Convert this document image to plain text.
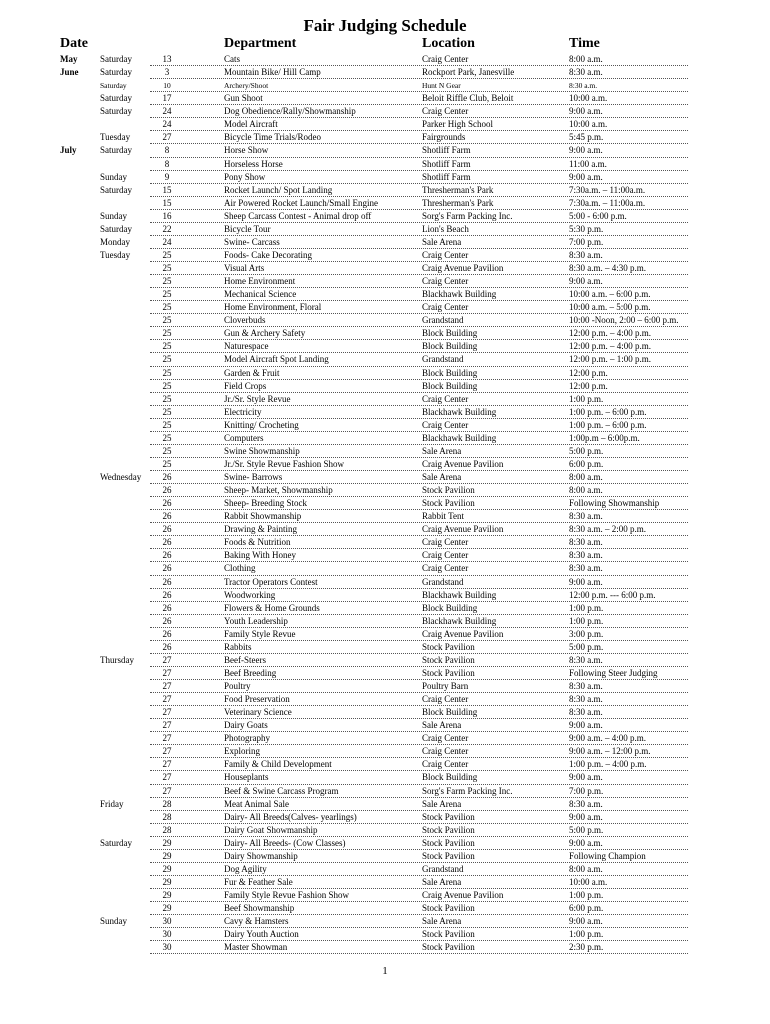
Fair Judging Schedule
Date	Department	Location	Time
May	Saturday	13	Cats	Craig Center	8:00 a.m.
June Saturday	3	Mountain Bike/ Hill Camp	Rockport Park, Janesville	8:30 a.m.
Saturday	10	Archery/Shoot	Hunt N Gear	8:30 a.m.
Saturday	17	Gun Shoot	Beloit Riffle Club, Beloit	10:00 a.m.
Saturday	24	Dog Obedience/Rally/Showmanship	Craig Center	9:00 a.m.
24	Model Aircraft	Parker High School	10:00 a.m.
Tuesday	27	Bicycle Time Trials/Rodeo	Fairgrounds	5:45 p.m.
July	Saturday	8	Horse Show	Shotliff Farm	9:00 a.m.
8	Horseless Horse	Shotliff Farm	11:00 a.m.
Sunday	9	Pony Show	Shotliff Farm	9:00 a.m.
Saturday	15	Rocket Launch/ Spot Landing	Thresherman's Park	7:30a.m. – 11:00a.m.
15	Air Powered Rocket Launch/Small Engine	Thresherman's Park	7:30a.m. – 11:00a.m.
Sunday	16	Sheep Carcass Contest - Animal drop off	Sorg's Farm Packing Inc.	5:00 - 6:00 p.m.
Saturday	22	Bicycle Tour	Lion's Beach	5:30 p.m.
Monday	24	Swine- Carcass	Sale Arena	7:00 p.m.
Tuesday	25	Foods- Cake Decorating	Craig Center	8:30 a.m.
25	Visual Arts	Craig Avenue Pavilion	8:30 a.m. – 4:30 p.m.
25	Home Environment	Craig Center	9:00 a.m.
25	Mechanical Science	Blackhawk Building	10:00 a.m. – 6:00 p.m.
25	Home Environment, Floral	Craig Center	10:00 a.m. – 5:00 p.m.
25	Cloverbuds	Grandstand	10:00 -Noon, 2:00 – 6:00 p.m.
25	Gun & Archery Safety	Block Building	12:00 p.m. – 4:00 p.m.
25	Naturespace	Block Building	12:00 p.m. – 4:00 p.m.
25	Model Aircraft Spot Landing	Grandstand	12:00 p.m. – 1:00 p.m.
25	Garden & Fruit	Block Building	12:00 p.m.
25	Field Crops	Block Building	12:00 p.m.
25	Jr./Sr. Style Revue	Craig Center	1:00 p.m.
25	Electricity	Blackhawk Building	1:00 p.m. – 6:00 p.m.
25	Knitting/ Crocheting	Craig Center	1:00 p.m. – 6:00 p.m.
25	Computers	Blackhawk Building	1:00p.m – 6:00p.m.
25	Swine Showmanship	Sale Arena	5:00 p.m.
25	Jr./Sr. Style Revue Fashion Show	Craig Avenue Pavilion	6:00 p.m.
Wednesday	26	Swine- Barrows	Sale Arena	8:00 a.m.
26	Sheep- Market, Showmanship	Stock Pavilion	8:00 a.m.
26	Sheep- Breeding Stock	Stock Pavilion	Following Showmanship
26	Rabbit Showmanship	Rabbit Tent	8:30 a.m.
26	Drawing & Painting	Craig Avenue Pavilion	8:30 a.m. – 2:00 p.m.
26	Foods & Nutrition	Craig Center	8:30 a.m.
26	Baking With Honey	Craig Center	8:30 a.m.
26	Clothing	Craig Center	8:30 a.m.
26	Tractor Operators Contest	Grandstand	9:00 a.m.
26	Woodworking	Blackhawk Building	12:00 p.m. --- 6:00 p.m.
26	Flowers & Home Grounds	Block Building	1:00 p.m.
26	Youth Leadership	Blackhawk Building	1:00 p.m.
26	Family Style Revue	Craig Avenue Pavilion	3:00 p.m.
26	Rabbits	Stock Pavilion	5:00 p.m.
Thursday	27	Beef-Steers	Stock Pavilion	8:30 a.m.
27	Beef Breeding	Stock Pavilion	Following Steer Judging
27	Poultry	Poultry Barn	8:30 a.m.
27	Food Preservation	Craig Center	8:30 a.m.
27	Veterinary Science	Block Building	8:30 a.m.
27	Dairy Goats	Sale Arena	9:00 a.m.
27	Photography	Craig Center	9:00 a.m. – 4:00 p.m.
27	Exploring	Craig Center	9:00 a.m. – 12:00 p.m.
27	Family & Child Development	Craig Center	1:00 p.m. – 4:00 p.m.
27	Houseplants	Block Building	9:00 a.m.
27	Beef & Swine Carcass Program	Sorg's Farm Packing Inc.	7:00 p.m.
Friday	28	Meat Animal Sale	Sale Arena	8:30 a.m.
28	Dairy- All Breeds(Calves- yearlings)	Stock Pavilion	9:00 a.m.
28	Dairy Goat Showmanship	Stock Pavilion	5:00 p.m.
Saturday	29	Dairy- All Breeds- (Cow Classes)	Stock Pavilion	9:00 a.m.
29	Dairy Showmanship	Stock Pavilion	Following Champion
29	Dog Agility	Grandstand	8:00 a.m.
29	Fur & Feather Sale	Sale Arena	10:00 a.m.
29	Family Style Revue Fashion Show	Craig Avenue Pavilion	1:00 p.m.
29	Beef Showmanship	Stock Pavilion	6:00 p.m.
Sunday	30	Cavy & Hamsters	Sale Arena	9:00 a.m.
30	Dairy Youth Auction	Stock Pavilion	1:00 p.m.
30	Master Showman	Stock Pavilion	2:30 p.m.
1
